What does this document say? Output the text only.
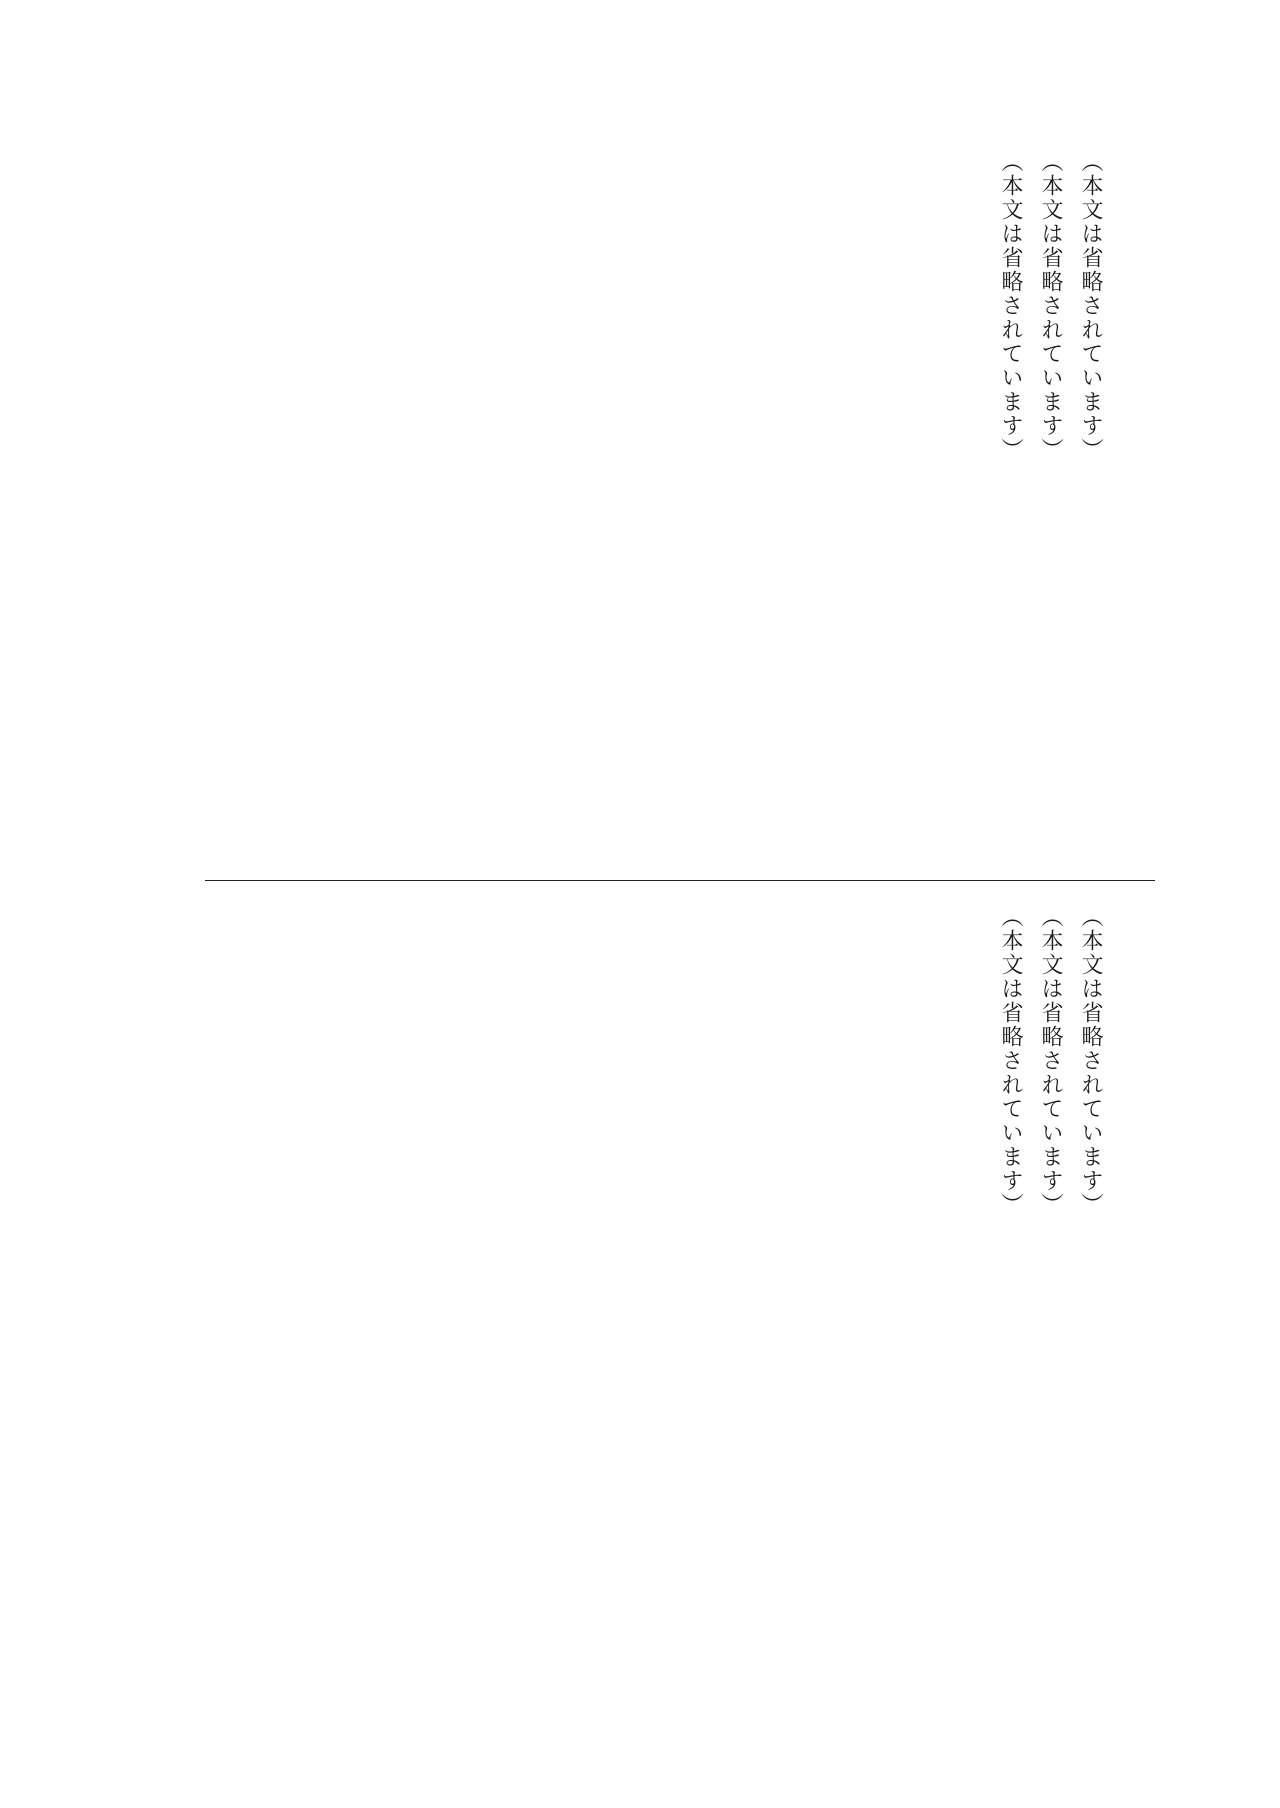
（本文は省略されています）

（本文は省略されています）

（本文は省略されています）

（本文は省略されています）

（本文は省略されています）

（本文は省略されています）
